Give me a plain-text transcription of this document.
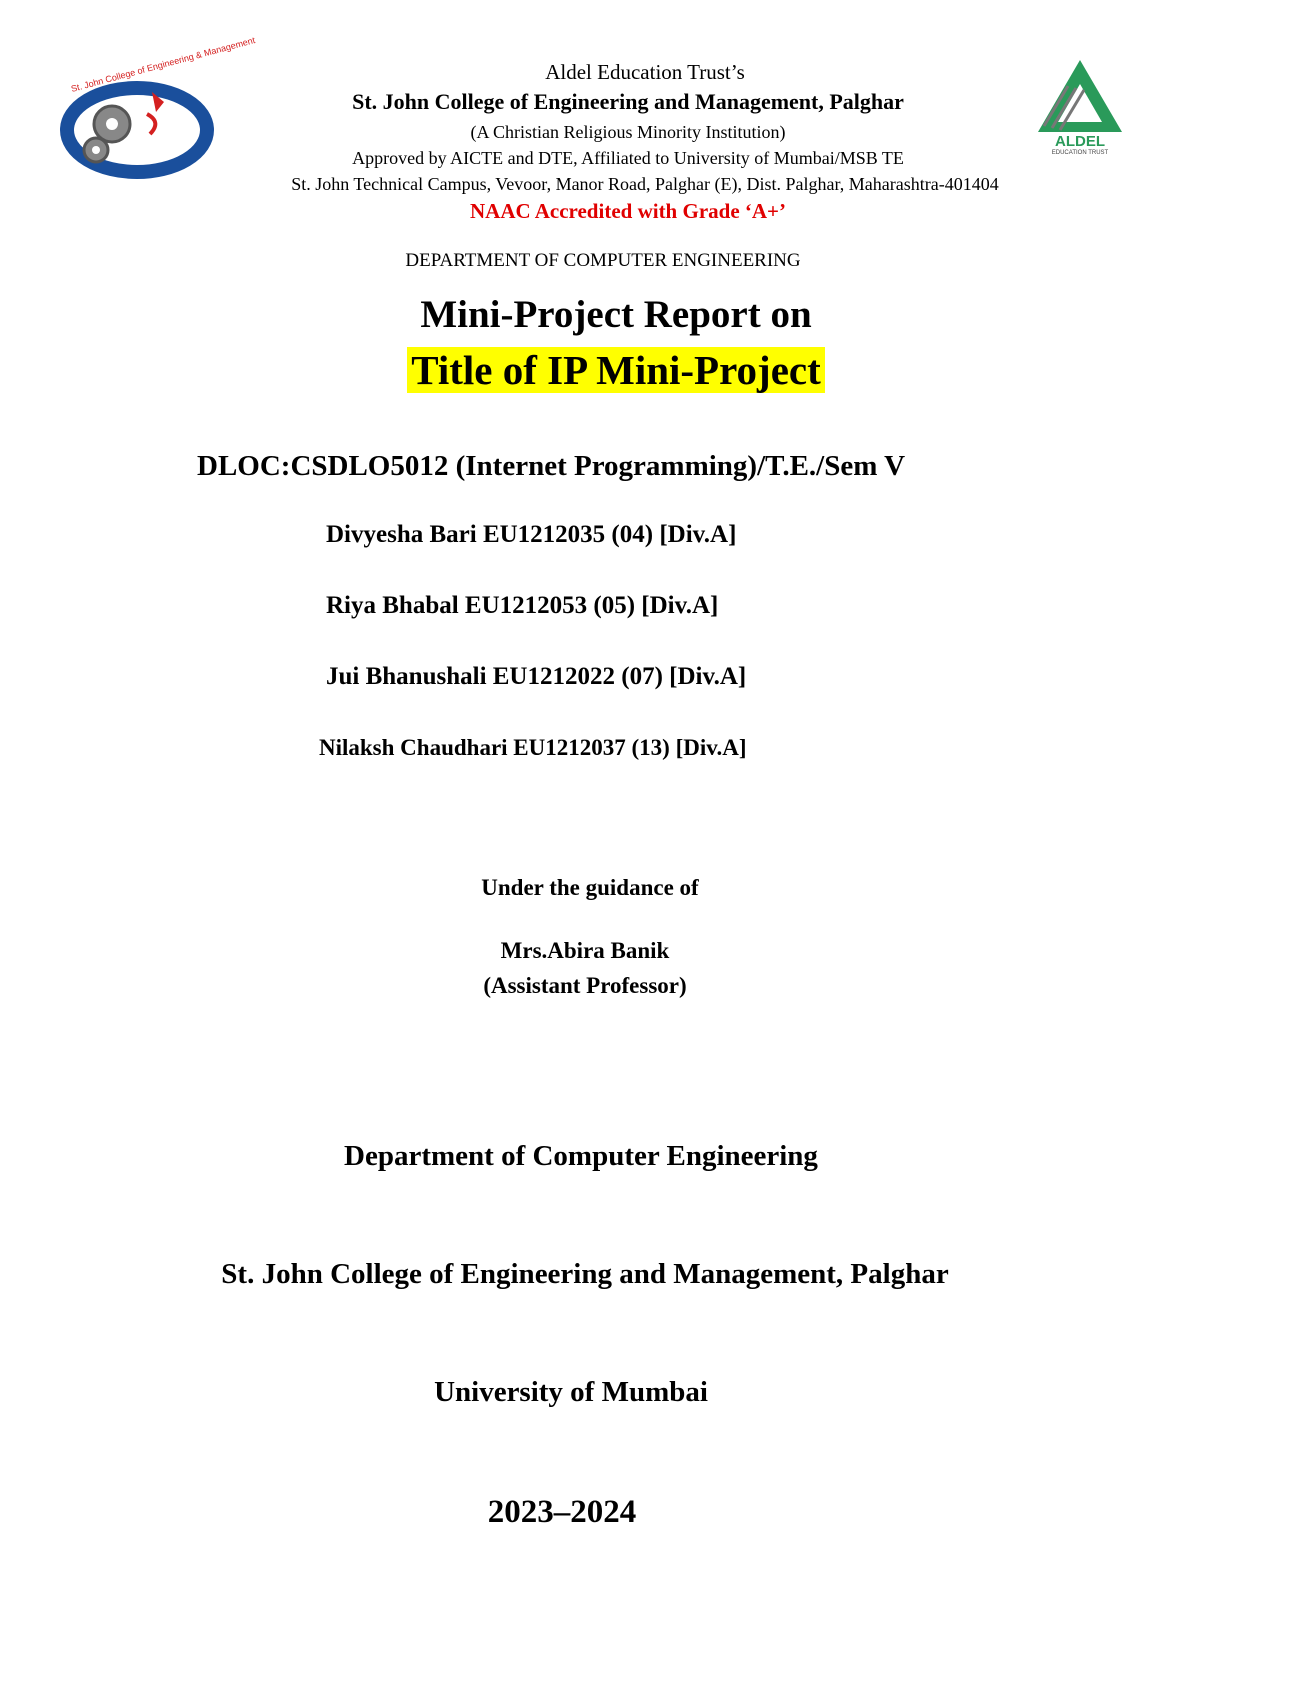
St. John College of Engineering & Management
ALDEL
EDUCATION TRUST
Aldel Education Trust’s
St. John College of Engineering and Management, Palghar
(A Christian Religious Minority Institution)
Approved by AICTE and DTE, Affiliated to University of Mumbai/MSB TE
St. John Technical Campus, Vevoor, Manor Road, Palghar (E), Dist. Palghar, Maharashtra-401404
NAAC Accredited with Grade ‘A+’
DEPARTMENT OF COMPUTER ENGINEERING
Mini-Project Report on
Title of IP Mini-Project
DLOC:CSDLO5012 (Internet Programming)/T.E./Sem V
Divyesha Bari EU1212035 (04) [Div.A]
Riya Bhabal EU1212053 (05) [Div.A]
Jui Bhanushali EU1212022 (07) [Div.A]
Nilaksh Chaudhari EU1212037 (13) [Div.A]
Under the guidance of
Mrs.Abira Banik
(Assistant Professor)
Department of Computer Engineering
St. John College of Engineering and Management, Palghar
University of Mumbai
2023–2024
